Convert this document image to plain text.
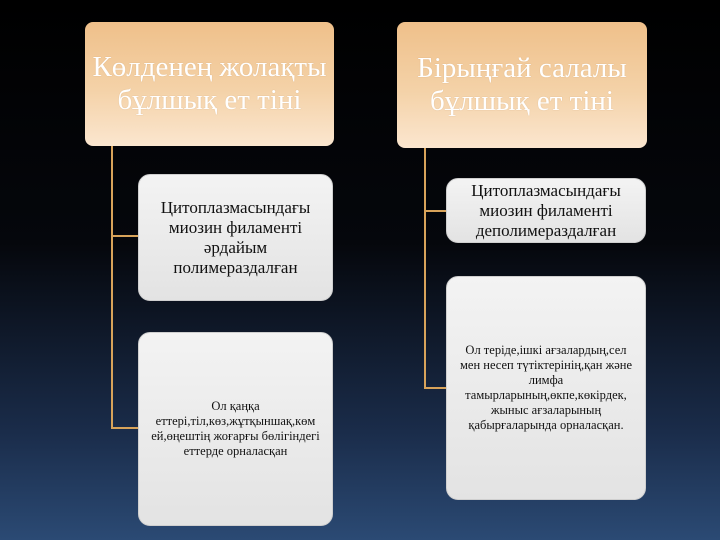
Көлденең жолақты бұлшық ет тіні
Бірыңғай салалы бұлшық ет тіні
Цитоплазмасындағы миозин филаменті әрдайым полимераздалған
Ол қаңқа еттері,тіл,көз,жұтқыншақ,көм ей,өңештің жоғарғы бөлігіндегі еттерде орналасқан
Цитоплазмасындағы миозин филаменті деполимераздалған
Ол теріде,ішкі ағзалардың,сел мен несеп түтіктерінің,қан және лимфа тамырларының,өкпе,көкірдек, жыныс ағзаларының қабырғаларында орналасқан.
